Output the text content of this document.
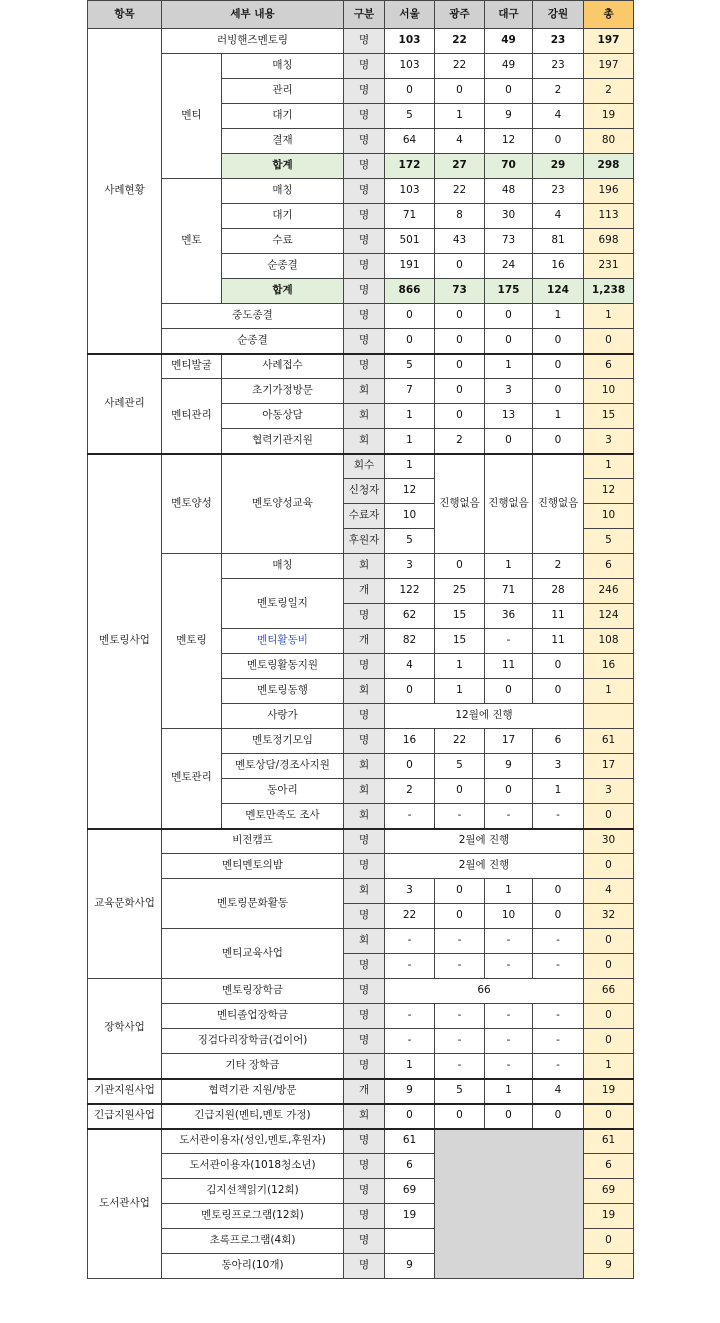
항목	세부 내용		구분	서울	광주	대구	강원	총
사례현황	러빙핸즈멘토링		명	103	22	49	23	197
	멘티	매칭	명	103	22	49	23	197
		관리	명	0	0	0	2	2
		대기	명	5	1	9	4	19
		결재	명	64	4	12	0	80
		합계	명	172	27	70	29	298
	멘토	매칭	명	103	22	48	23	196
		대기	명	71	8	30	4	113
		수료	명	501	43	73	81	698
		순종결	명	191	0	24	16	231
		합계	명	866	73	175	124	1,238
	중도종결		명	0	0	0	1	1
	순종결		명	0	0	0	0	0
사례관리	멘티발굴	사례접수	명	5	0	1	0	6
	멘티관리	초기가정방문	회	7	0	3	0	10
		아동상담	회	1	0	13	1	15
		협력기관지원	회	1	2	0	0	3
멘토링사업	멘토양성	멘토양성교육	회수	1	진행없음	진행없음	진행없음	1
			신청자	12				12
			수료자	10				10
			후원자	5				5
	멘토링	매칭	회	3	0	1	2	6
		멘토링일지	개	122	25	71	28	246
			명	62	15	36	11	124
		멘티활동비	개	82	15	-	11	108
		멘토링활동지원	명	4	1	11	0	16
		멘토링동행	회	0	1	0	0	1
		사랑가	명	12월에 진행				
	멘토관리	멘토정기모임	명	16	22	17	6	61
		멘토상담/경조사지원	회	0	5	9	3	17
		동아리	회	2	0	0	1	3
		멘토만족도 조사	회	-	-	-	-	0
교육문화사업	비전캠프		명	2월에 진행				30
	멘티멘토의밤		명	2월에 진행				0
	멘토링문화활동		회	3	0	1	0	4
			명	22	0	10	0	32
	멘티교육사업		회	-	-	-	-	0
			명	-	-	-	-	0
장학사업	멘토링장학금		명	66				66
	멘티졸업장학금		명	-	-	-	-	0
	징검다리장학금(겁이어)		명	-	-	-	-	0
	기타 장학금		명	1	-	-	-	1
기관지원사업	협력기관 지원/방문		개	9	5	1	4	19
긴급지원사업	긴급지원(멘티,멘토 가정)		회	0	0	0	0	0
도서관사업	도서관이용자(성인,멘토,후원자)		명	61				61
	도서관이용자(1018청소년)		명	6				6
	김지선책읽기(12회)		명	69				69
	멘토링프로그램(12회)		명	19				19
	초록프로그램(4회)		명					0
	동아리(10개)		명	9				9
